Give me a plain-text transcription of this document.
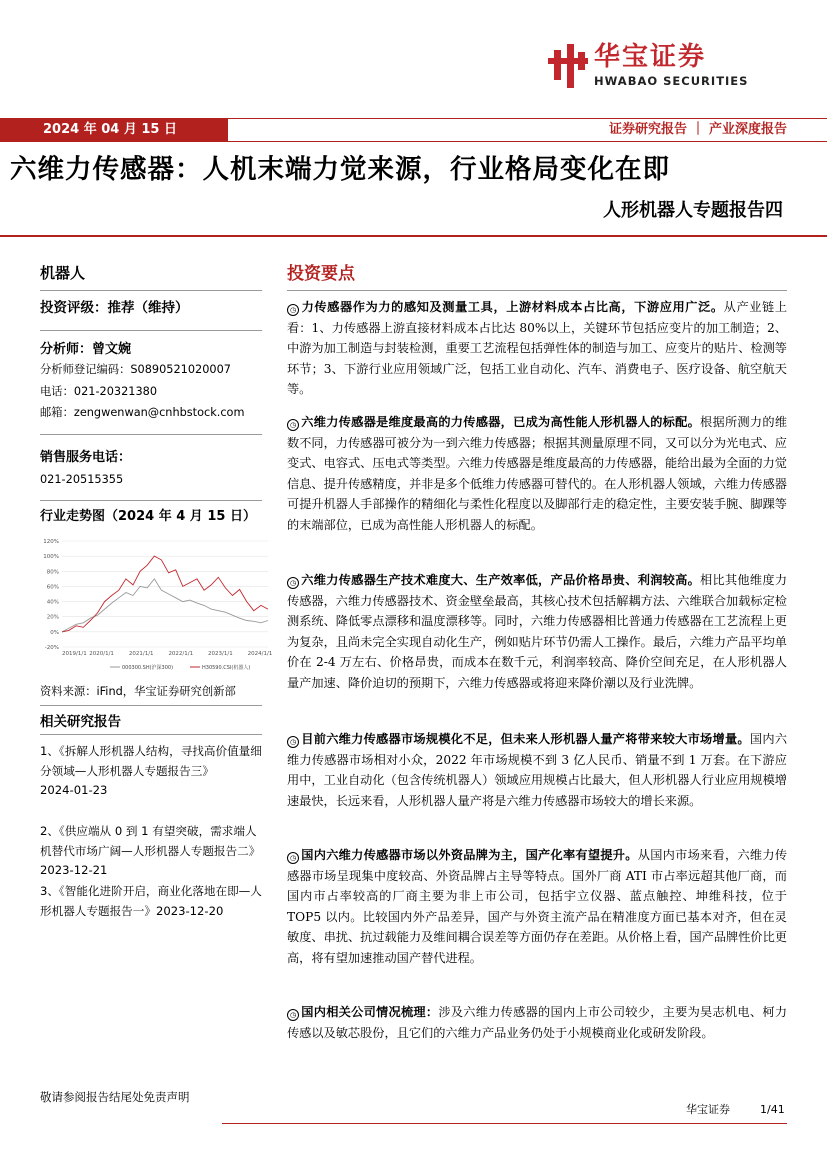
华宝证券
HWABAO SECURITIES
2024 年 04 月 15 日	证券研究报告 ｜ 产业深度报告
六维力传感器：人机末端力觉来源，行业格局变化在即
人形机器人专题报告四
机器人
投资评级：推荐（维持）
分析师：曾文婉
分析师登记编码：S0890521020007
电话：021-20321380
邮箱：zengwenwan@cnhbstock.com
销售服务电话：
021-20515355
行业走势图（2024 年 4 月 15 日）
-20%
0%
20%
40%
60%
80%
100%
120%
2019/1/1 2020/1/1	2021/1/1	2022/1/1	2023/1/1	2024/1/1
000300.SH(沪深300)	H30590.CSI(机器人)
资料来源：iFind，华宝证券研究创新部
相关研究报告
1、《拆解人形机器人结构，寻找高价值量细分领域—人形机器人专题报告三》
2024-01-23
2、《供应端从 0 到 1 有望突破，需求端人机替代市场广阔—人形机器人专题报告二》2023-12-21
3、《智能化进阶开启，商业化落地在即—人形机器人专题报告一》2023-12-20
投资要点
◷ 力传感器作为力的感知及测量工具，上游材料成本占比高，下游应用广泛。从产业链上看：1、力传感器上游直接材料成本占比达 80%以上，关键环节包括应变片的加工制造；2、中游为加工制造与封装检测，重要工艺流程包括弹性体的制造与加工、应变片的贴片、检测等环节；3、下游行业应用领域广泛，包括工业自动化、汽车、消费电子、医疗设备、航空航天等。
◷ 六维力传感器是维度最高的力传感器，已成为高性能人形机器人的标配。根据所测力的维数不同，力传感器可被分为一到六维力传感器；根据其测量原理不同，又可以分为光电式、应变式、电容式、压电式等类型。六维力传感器是维度最高的力传感器，能给出最为全面的力觉信息、提升传感精度，并非是多个低维力传感器可替代的。在人形机器人领域，六维力传感器可提升机器人手部操作的精细化与柔性化程度以及脚部行走的稳定性，主要安装手腕、脚踝等的末端部位，已成为高性能人形机器人的标配。
◷ 六维力传感器生产技术难度大、生产效率低，产品价格昂贵、利润较高。相比其他维度力传感器，六维力传感器技术、资金壁垒最高，其核心技术包括解耦方法、六维联合加载标定检测系统、降低零点漂移和温度漂移等。同时，六维力传感器相比普通力传感器在工艺流程上更为复杂，且尚未完全实现自动化生产，例如贴片环节仍需人工操作。最后，六维力产品平均单价在 2-4 万左右、价格昂贵，而成本在数千元，利润率较高、降价空间充足，在人形机器人量产加速、降价迫切的预期下，六维力传感器或将迎来降价潮以及行业洗牌。
◷ 目前六维力传感器市场规模化不足，但未来人形机器人量产将带来较大市场增量。国内六维力传感器市场相对小众，2022 年市场规模不到 3 亿人民币、销量不到 1 万套。在下游应用中，工业自动化（包含传统机器人）领域应用规模占比最大，但人形机器人行业应用规模增速最快，长远来看，人形机器人量产将是六维力传感器市场较大的增长来源。
◷ 国内六维力传感器市场以外资品牌为主，国产化率有望提升。从国内市场来看，六维力传感器市场呈现集中度较高、外资品牌占主导等特点。国外厂商 ATI 市占率远超其他厂商，而国内市占率较高的厂商主要为非上市公司，包括宇立仪器、蓝点触控、坤维科技，位于 TOP5 以内。比较国内外产品差异，国产与外资主流产品在精准度方面已基本对齐，但在灵敏度、串扰、抗过载能力及维间耦合误差等方面仍存在差距。从价格上看，国产品牌性价比更高，将有望加速推动国产替代进程。
◷ 国内相关公司情况梳理：涉及六维力传感器的国内上市公司较少，主要为昊志机电、柯力传感以及敏芯股份，且它们的六维力产品业务仍处于小规模商业化或研发阶段。
敬请参阅报告结尾处免责声明
华宝证券	1/41
